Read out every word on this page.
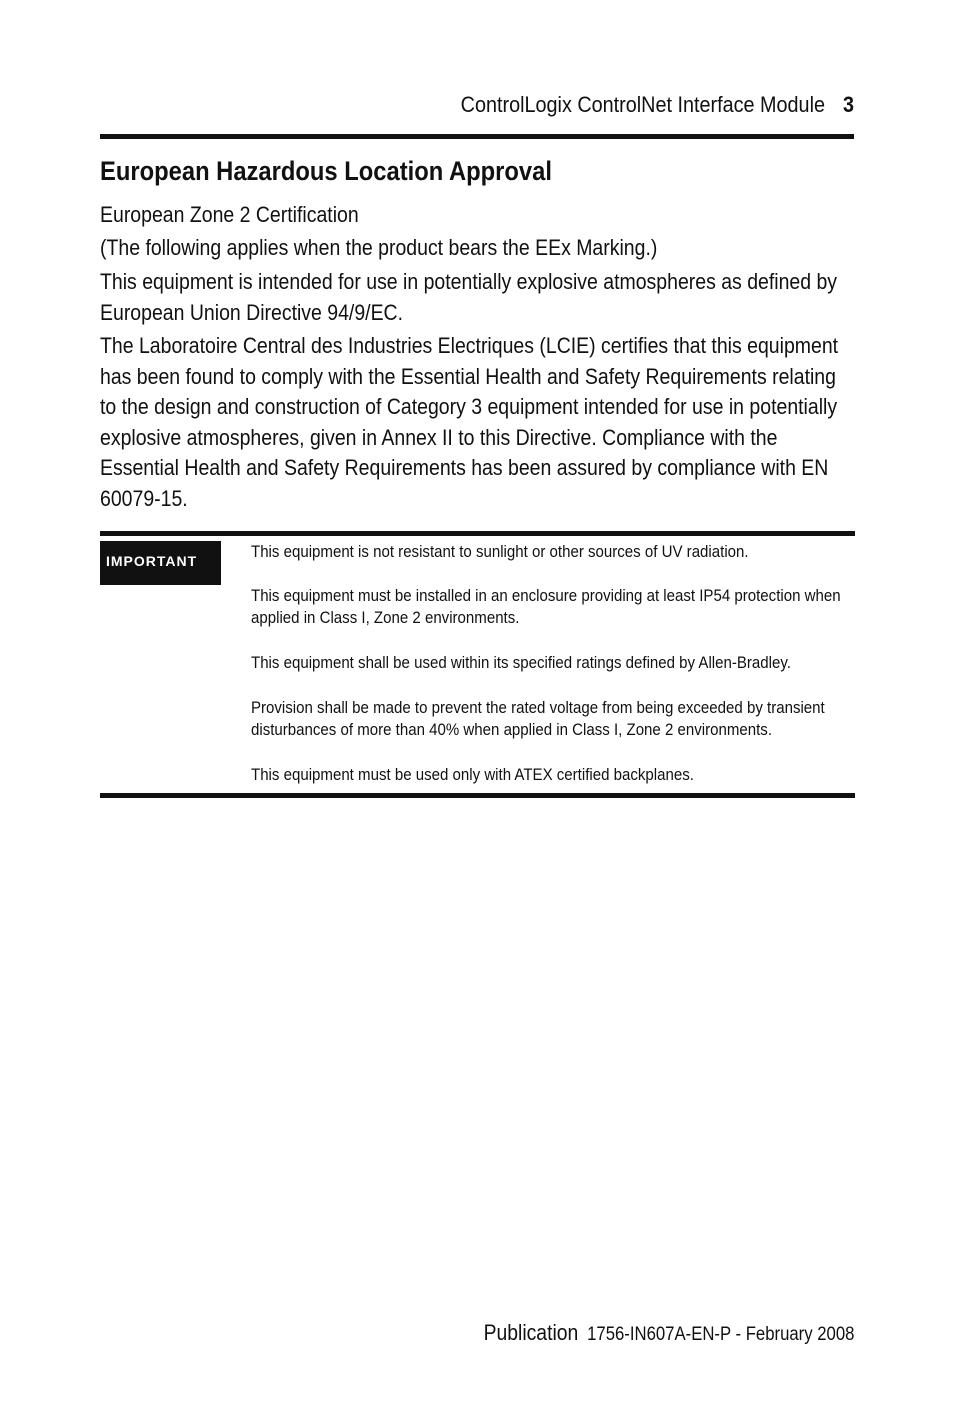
ControlLogix ControlNet Interface Module 3
European Hazardous Location Approval

European Zone 2 Certification

(The following applies when the product bears the EEx Marking.)

This equipment is intended for use in potentially explosive atmospheres as defined by European Union Directive 94/9/EC.

The Laboratoire Central des Industries Electriques (LCIE) certifies that this equipment has been found to comply with the Essential Health and Safety Requirements relating to the design and construction of Category 3 equipment intended for use in potentially explosive atmospheres, given in Annex II to this Directive. Compliance with the Essential Health and Safety Requirements has been assured by compliance with EN 60079-15.

IMPORTANT	This equipment is not resistant to sunlight or other sources of UV radiation.

This equipment must be installed in an enclosure providing at least IP54 protection when applied in Class I, Zone 2 environments.

This equipment shall be used within its specified ratings defined by Allen-Bradley.

Provision shall be made to prevent the rated voltage from being exceeded by transient disturbances of more than 40% when applied in Class I, Zone 2 environments.

This equipment must be used only with ATEX certified backplanes.

Publication 1756-IN607A-EN-P - February 2008
